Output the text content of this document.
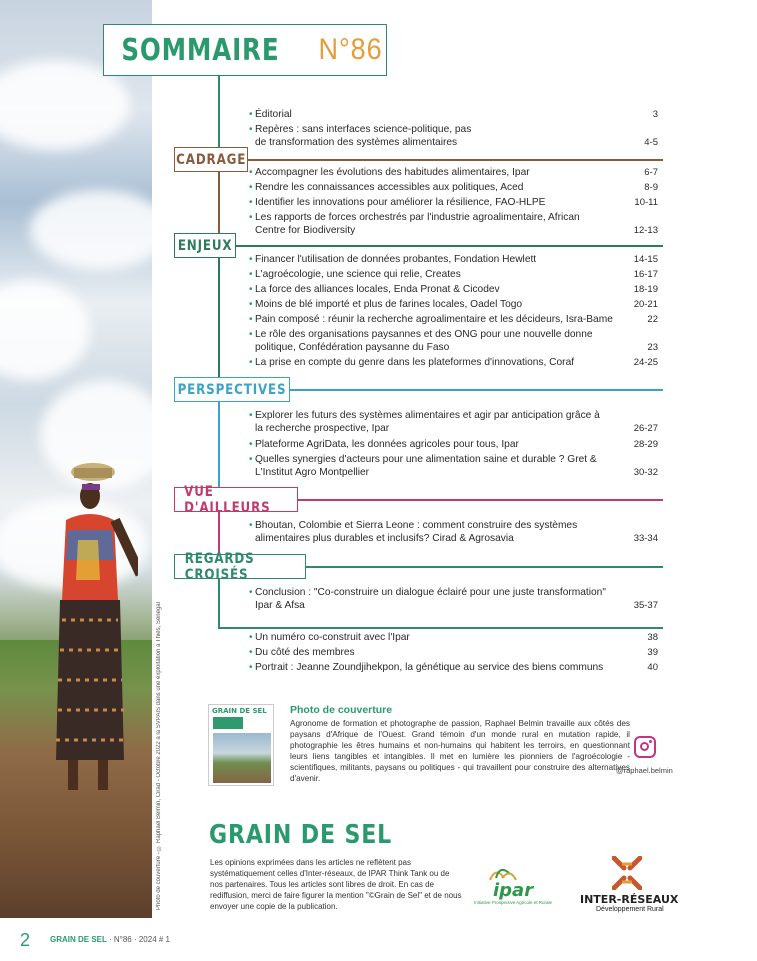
Photo de couverture - © Raphael Belmin, Cirad - Octobre 2022 à la SVPAIS dans une exploitation à Thiès, Sénégal
SOMMAIRE N°86
CADRAGE
ENJEUX
PERSPECTIVES
VUE D'AILLEURS
REGARDS CROISÉS
• Éditorial	3
• Repères : sans interfaces science-politique, pas de transformation des systèmes alimentaires	4-5
• Accompagner les évolutions des habitudes alimentaires, Ipar	6-7
• Rendre les connaissances accessibles aux politiques, Aced	8-9
• Identifier les innovations pour améliorer la résilience, FAO-HLPE	10-11
• Les rapports de forces orchestrés par l'industrie agroalimentaire, African Centre for Biodiversity	12-13
• Financer l'utilisation de données probantes, Fondation Hewlett	14-15
• L'agroécologie, une science qui relie, Creates	16-17
• La force des alliances locales, Enda Pronat & Cicodev	18-19
• Moins de blé importé et plus de farines locales, Oadel Togo	20-21
• Pain composé : réunir la recherche agroalimentaire et les décideurs, Isra-Bame	22
• Le rôle des organisations paysannes et des ONG pour une nouvelle donne politique, Confédération paysanne du Faso	23
• La prise en compte du genre dans les plateformes d'innovations, Coraf	24-25
• Explorer les futurs des systèmes alimentaires et agir par anticipation grâce à la recherche prospective, Ipar	26-27
• Plateforme AgriData, les données agricoles pour tous, Ipar	28-29
• Quelles synergies d'acteurs pour une alimentation saine et durable ? Gret & L'Institut Agro Montpellier	30-32
• Bhoutan, Colombie et Sierra Leone : comment construire des systèmes alimentaires plus durables et inclusifs? Cirad & Agrosavia	33-34
• Conclusion : "Co-construire un dialogue éclairé pour une juste transformation" Ipar & Afsa	35-37
• Un numéro co-construit avec l'Ipar	38
• Du côté des membres	39
• Portrait : Jeanne Zoundjihekpon, la génétique au service des biens communs	40
GRAIN DE SEL	Photo de couverture
Agronome de formation et photographe de passion, Raphael Belmin travaille aux côtés des paysans d'Afrique de l'Ouest. Grand témoin d'un monde rural en mutation rapide, il photographie les êtres humains et non-humains qui habitent les terroirs, en questionnant leurs liens tangibles et intangibles. Il met en lumière les pionniers de l'agroécologie - scientifiques, militants, paysans ou politiques - qui travaillent pour construire des alternatives d'avenir.
@raphael.belmin
GRAIN DE SEL
Les opinions exprimées dans les articles ne reflètent pas systématiquement celles d'Inter-réseaux, de IPAR Think Tank ou de nos partenaires. Tous les articles sont libres de droit. En cas de rediffusion, merci de faire figurer la mention "©Grain de Sel" et de nous envoyer une copie de la publication.
ipar
Initiative Prospective Agricole et Rurale	INTER-RÉSEAUX
Développement Rural
2 GRAIN DE SEL · N°86 · 2024 # 1
